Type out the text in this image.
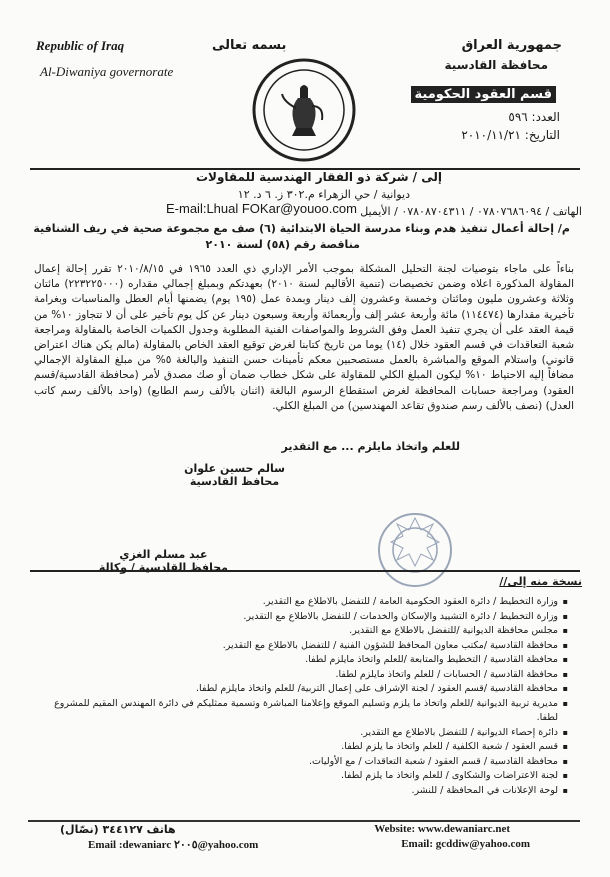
Republic of Iraq
Al-Diwaniya governorate
بسمه تعالى	جمهورية العراق
محافظة القادسية
قسم العقود الحكومية
العدد: ٥٩٦
التاريخ: ٢٠١٠/١١/٢١
إلى / شركة ذو الفقار الهندسية للمقاولات
ديوانية / حي الزهراء م.٣٠٢ ز. ٦ د. ١٢
الهاتف / ٠٧٨٠٧٦٨٦٠٩٤ / ٠٧٨٠٨٧٠٤٣١١ / الأيميل
E-mail:Lhual FOKar@youoo.com
م/ إحالة أعمال تنفيذ هدم وبناء مدرسة الحياة الابتدائية (٦) صف مع مجموعة صحية في ريف الشنافية
مناقصة رقم (٥٨) لسنة ٢٠١٠
بناءاً على ماجاء بتوصيات لجنة التحليل المشكلة بموجب الأمر الإداري ذي العدد ١٩٦٥ في ٢٠١٠/٨/١٥ تقرر إحالة إعمال المقاولة المذكورة اعلاه وضمن تخصيصات (تنمية الأقاليم لسنة ٢٠١٠) بعهدتكم وبمبلغ إجمالي مقداره (٢٢٣٢٢٥٠٠٠) مائتان وثلاثة وعشرون مليون ومائتان وخمسة وعشرون إلف دينار وبمدة عمل (١٩٥ يوم) يضمنها أيام العطل والمناسبات وبغرامة تأخيرية مقدارها (١١٤٤٧٤) مائة وأربعة عشر إلف وأربعمائة وأربعة وسبعون دينار عن كل يوم تأخير على أن لا تتجاوز ١٠% من قيمة العقد على أن يجري تنفيذ العمل وفق الشروط والمواصفات الفنية المطلوبة وجدول الكميات الخاصة بالمقاولة ومراجعة شعبة التعاقدات في قسم العقود خلال (١٤) يوما من تاريخ كتابنا لغرض توقيع العقد الخاص بالمقاولة (مالم يكن هناك اعتراض قانوني) واستلام الموقع والمباشرة بالعمل مستصحبين معكم تأمينات حسن التنفيذ والبالغة ٥% من مبلغ المقاولة الإجمالي مضافاً إليه الاحتياط ١٠% ليكون المبلغ الكلي للمقاولة على شكل خطاب ضمان أو صك مصدق لأمر (محافظة القادسية/قسم العقود) ومراجعة حسابات المحافظة لغرض استقطاع الرسوم البالغة (اثنان بالألف رسم الطابع) (واحد بالألف رسم كاتب العدل) (نصف بالألف رسم صندوق تقاعد المهندسين) من المبلغ الكلي.
للعلم واتخاذ مايلزم ... مع التقدير
سالم حسين علوان
محافظ القادسية
عبد مسلم الغزي
محافظ القادسية / وكالة
نسخة منه إلى//
▪ وزارة التخطيط / دائرة العقود الحكومية العامة / للتفضل بالاطلاع مع التقدير.
▪ وزارة التخطيط / دائرة التشييد والإسكان والخدمات / للتفضل بالاطلاع مع التقدير.
▪ مجلس محافظة الديوانية /للتفضل بالاطلاع مع التقدير.
▪ محافظة القادسية /مكتب معاون المحافظ للشؤون الفنية / للتفضل بالاطلاع مع التقدير.
▪ محافظة القادسية / التخطيط والمتابعة /للعلم واتخاذ مايلزم لطفا.
▪ محافظة القادسية / الحسابات / للعلم واتخاذ مايلزم لطفا.
▪ محافظة القادسية /قسم العقود / لجنة الإشراف على إعمال التربية/ للعلم واتخاذ مايلزم لطفا.
▪ مديرية تربية الديوانية /للعلم واتخاذ ما يلزم وتسليم الموقع وإعلامنا المباشرة وتسمية ممثليكم في دائرة المهندس المقيم للمشروع لطفا.
▪ دائرة إحصاء الديوانية / للتفضل بالاطلاع مع التقدير.
▪ قسم العقود / شعبة الكلفية / للعلم واتخاذ ما يلزم لطفا.
▪ محافظة القادسية / قسم العقود / شعبة التعاقدات / مع الأوليات.
▪ لجنة الاعتراضات والشكاوى / للعلم واتخاذ ما يلزم لطفا.
▪ لوحة الإعلانات في المحافظة / للنشر.
Website: www.dewaniarc.net
هاتف ٣٤٤١٢٧ (نصّال)
Email :dewaniarc ٢٠٠٥@yahoo.com	Email: gcddiw@yahoo.com
